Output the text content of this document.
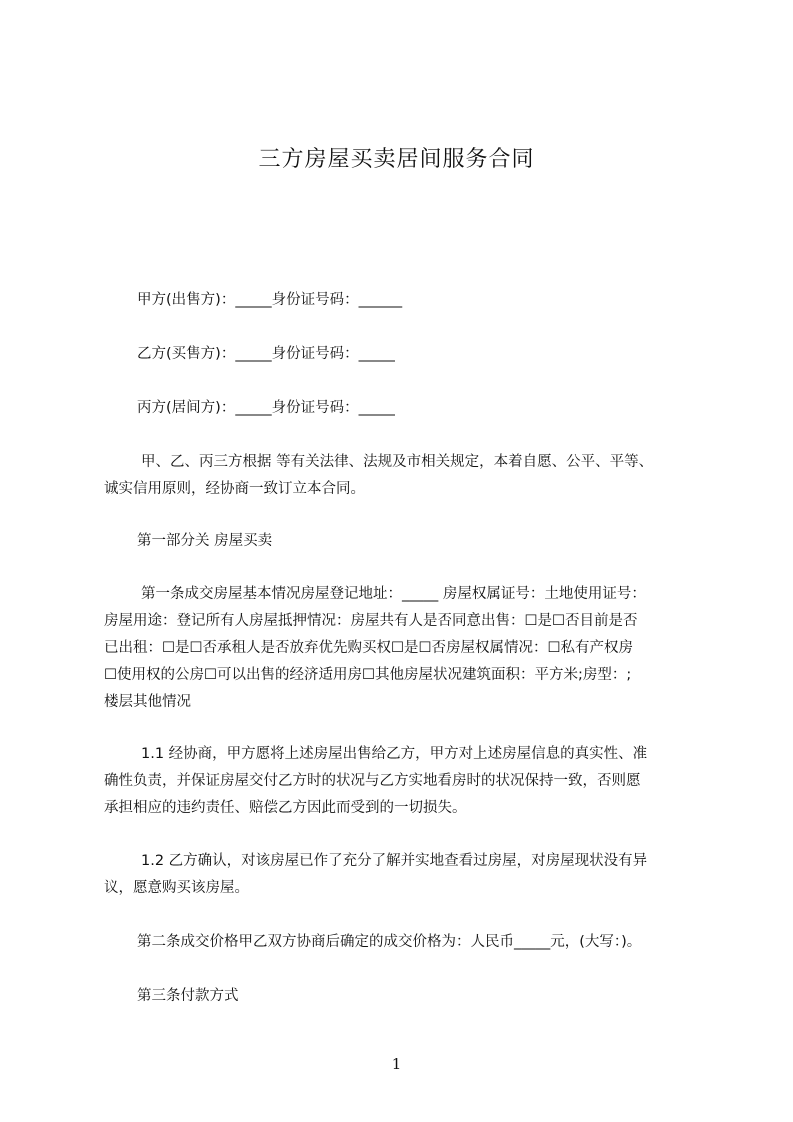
三方房屋买卖居间服务合同
甲方(出售方)：_____身份证号码：______
乙方(买售方)：_____身份证号码：_____
丙方(居间方)：_____身份证号码：_____
甲、乙、丙三方根据 等有关法律、法规及市相关规定，本着自愿、公平、平等、
诚实信用原则，经协商一致订立本合同。
第一部分关 房屋买卖
第一条成交房屋基本情况房屋登记地址：_____ 房屋权属证号：土地使用证号：
房屋用途：登记所有人房屋抵押情况：房屋共有人是否同意出售：☐是☐否目前是否
已出租：☐是☐否承租人是否放弃优先购买权☐是☐否房屋权属情况：☐私有产权房
☐使用权的公房☐可以出售的经济适用房☐其他房屋状况建筑面积：平方米;房型：;
楼层其他情况
1.1 经协商，甲方愿将上述房屋出售给乙方，甲方对上述房屋信息的真实性、准
确性负责，并保证房屋交付乙方时的状况与乙方实地看房时的状况保持一致，否则愿
承担相应的违约责任、赔偿乙方因此而受到的一切损失。
1.2 乙方确认，对该房屋已作了充分了解并实地查看过房屋，对房屋现状没有异
议，愿意购买该房屋。
第二条成交价格甲乙双方协商后确定的成交价格为：人民币_____元，(大写：)。
第三条付款方式
1
